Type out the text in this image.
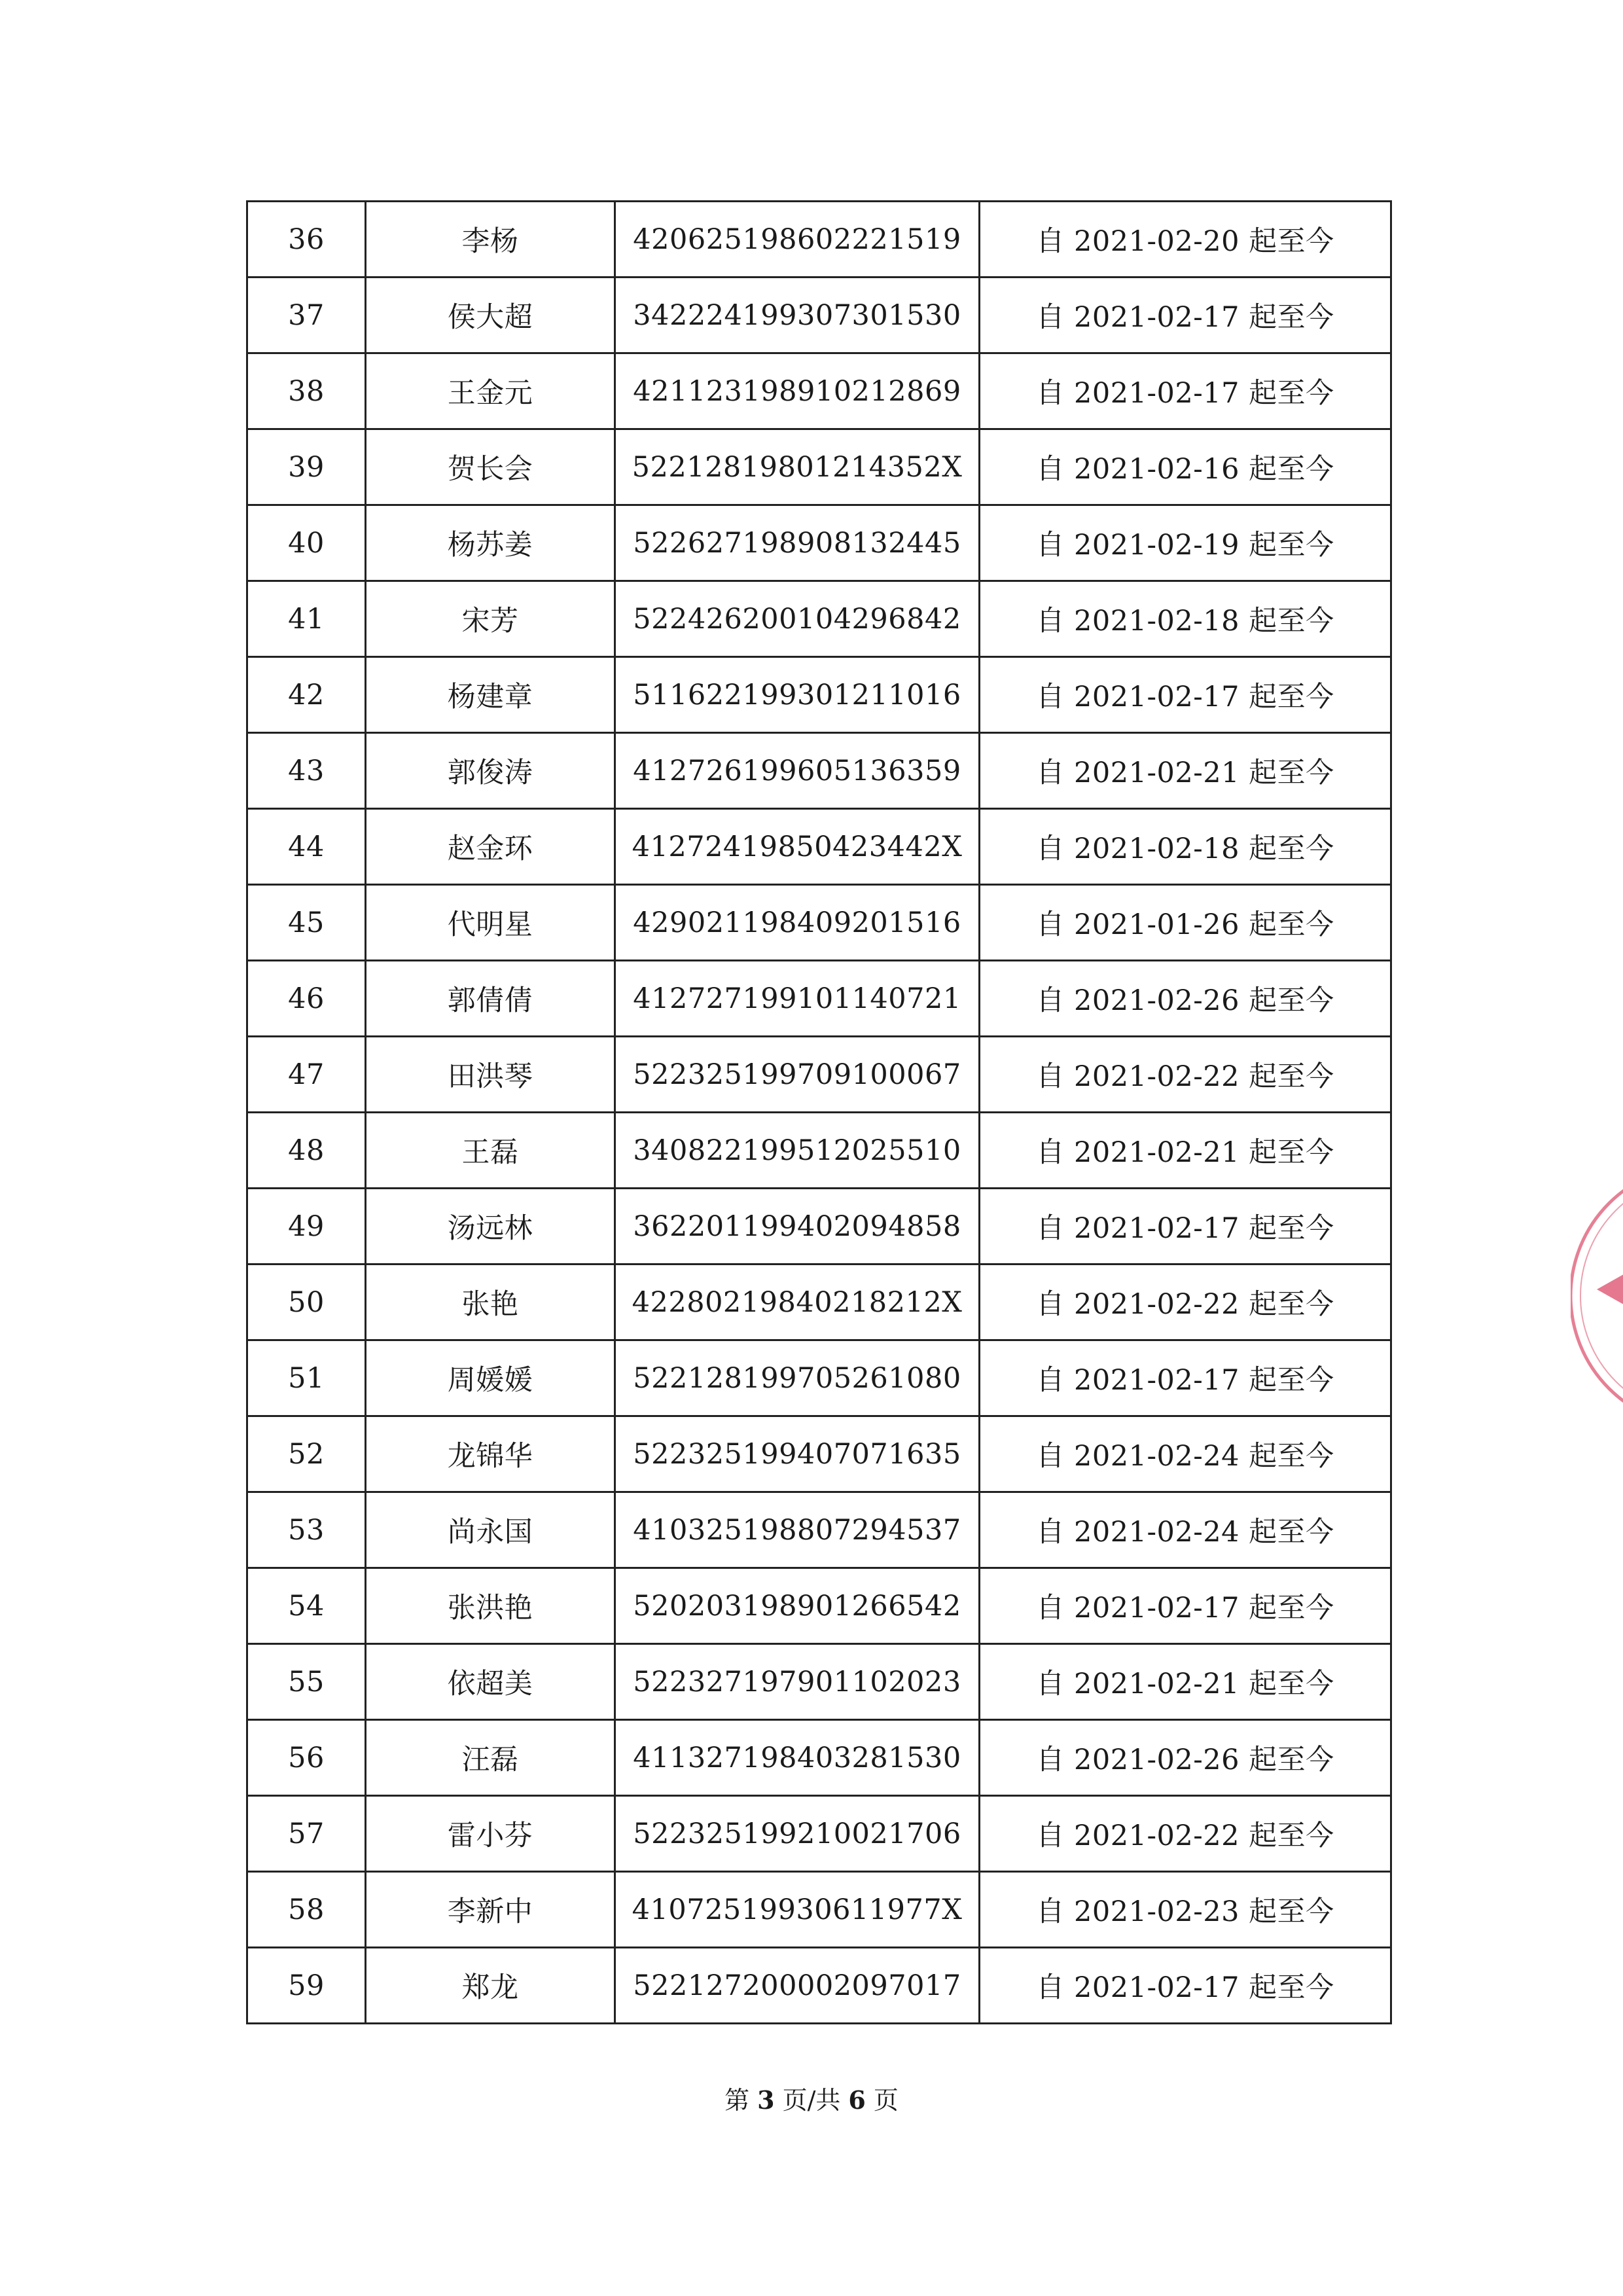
36	李杨	420625198602221519	自 2021-02-20 起至今
37	侯大超	342224199307301530	自 2021-02-17 起至今
38	王金元	421123198910212869	自 2021-02-17 起至今
39	贺长会	52212819801214352X	自 2021-02-16 起至今
40	杨苏姜	522627198908132445	自 2021-02-19 起至今
41	宋芳	522426200104296842	自 2021-02-18 起至今
42	杨建章	511622199301211016	自 2021-02-17 起至今
43	郭俊涛	412726199605136359	自 2021-02-21 起至今
44	赵金环	41272419850423442X	自 2021-02-18 起至今
45	代明星	429021198409201516	自 2021-01-26 起至今
46	郭倩倩	412727199101140721	自 2021-02-26 起至今
47	田洪琴	522325199709100067	自 2021-02-22 起至今
48	王磊	340822199512025510	自 2021-02-21 起至今
49	汤远林	362201199402094858	自 2021-02-17 起至今
50	张艳	42280219840218212X	自 2021-02-22 起至今
51	周媛媛	522128199705261080	自 2021-02-17 起至今
52	龙锦华	522325199407071635	自 2021-02-24 起至今
53	尚永国	410325198807294537	自 2021-02-24 起至今
54	张洪艳	520203198901266542	自 2021-02-17 起至今
55	依超美	522327197901102023	自 2021-02-21 起至今
56	汪磊	411327198403281530	自 2021-02-26 起至今
57	雷小芬	522325199210021706	自 2021-02-22 起至今
58	李新中	41072519930611977X	自 2021-02-23 起至今
59	郑龙	522127200002097017	自 2021-02-17 起至今
第 3 页/共 6 页
